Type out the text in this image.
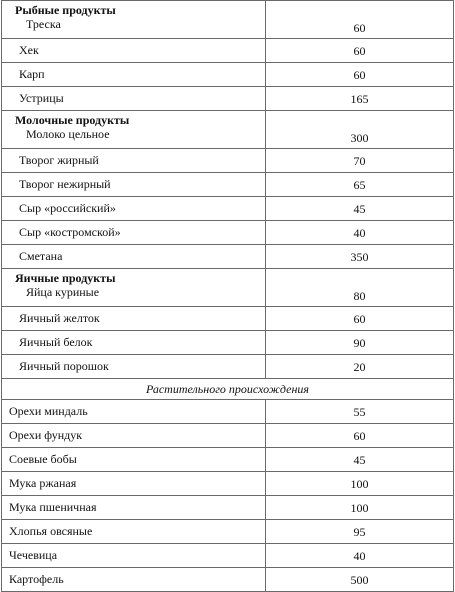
Рыбные продукты
Треска	60
Хек	60
Карп	60
Устрицы	165

Молочные продукты
Молоко цельное	300
Творог жирный	70
Творог нежирный	65
Сыр «российский»	45
Сыр «костромской»	40
Сметана	350

Яичные продукты
Яйца куриные	80
Яичный желток	60
Яичный белок	90
Яичный порошок	20
Растительного происхождения	
Орехи миндаль	55
Орехи фундук	60
Соевые бобы	45
Мука ржаная	100
Мука пшеничная	100
Хлопья овсяные	95
Чечевица	40
Картофель	500
